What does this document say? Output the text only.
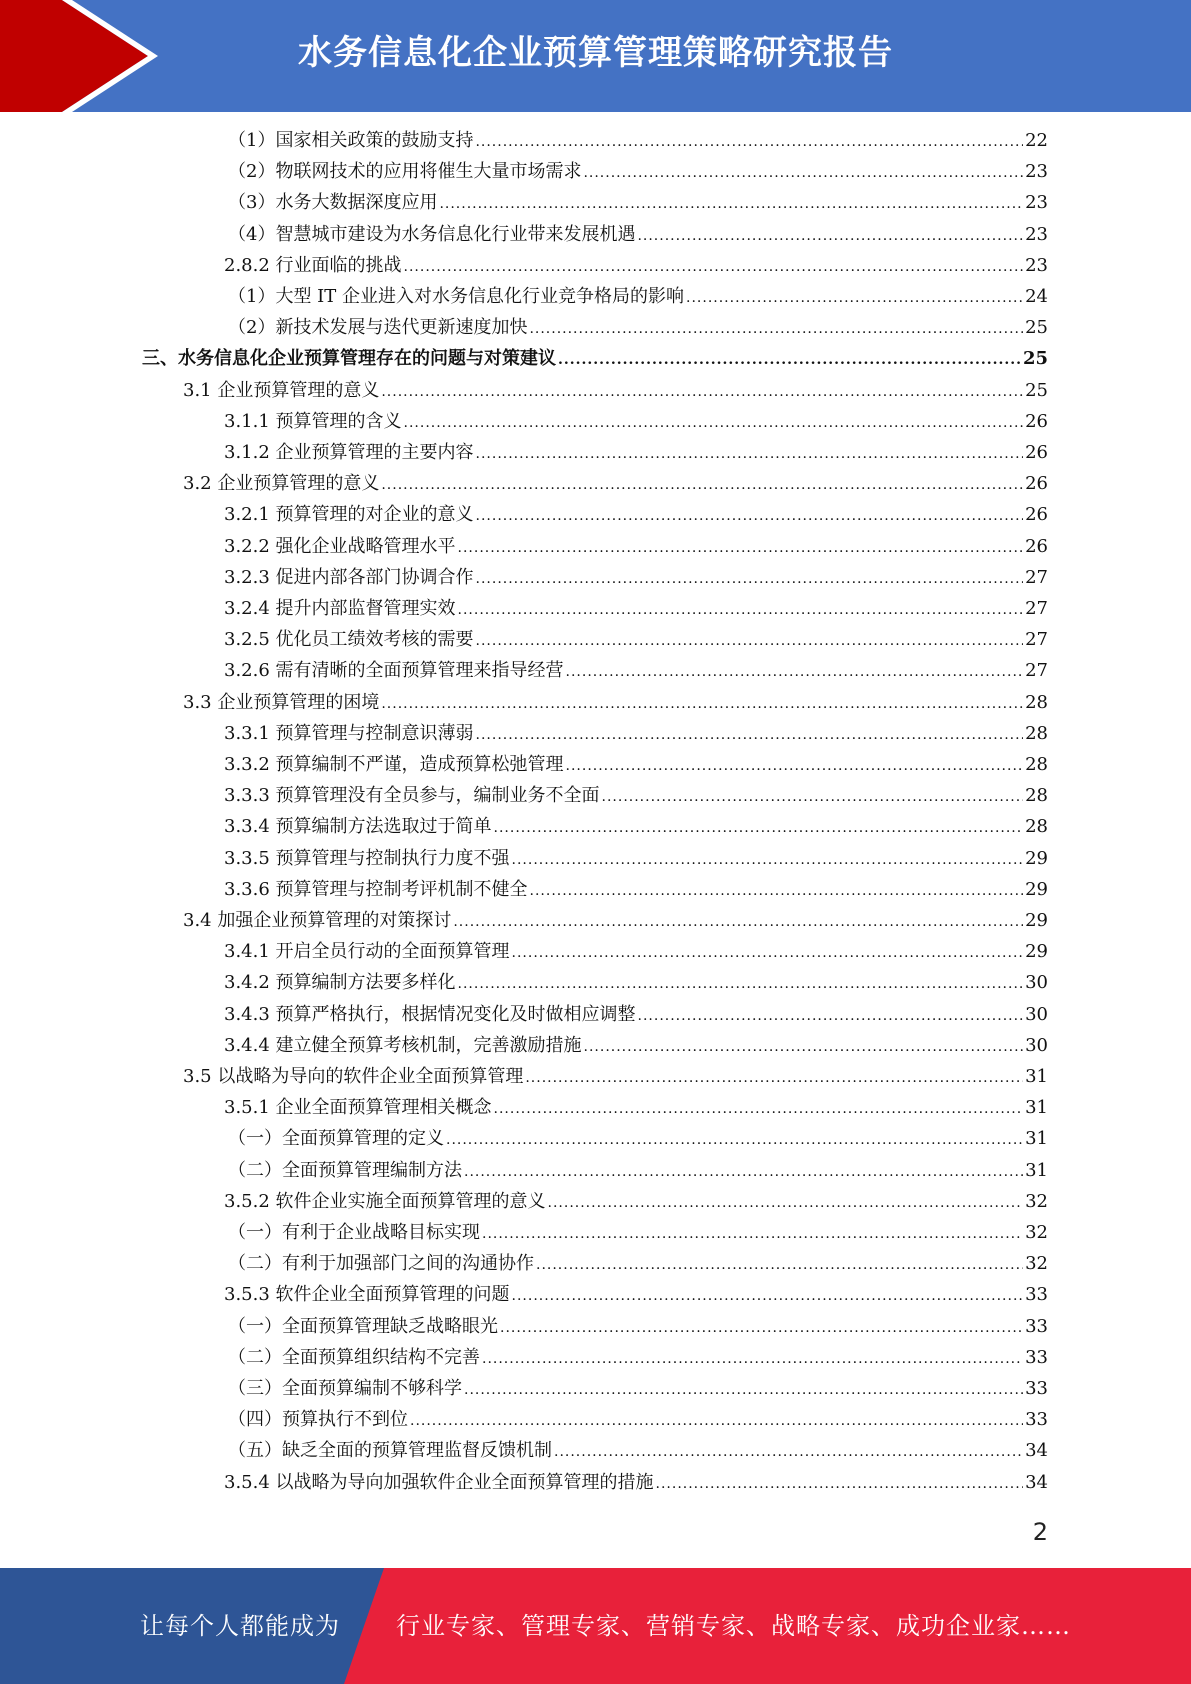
水务信息化企业预算管理策略研究报告
（1）国家相关政策的鼓励支持 .....	22
（2）物联网技术的应用将催生大量市场需求 .....	23
（3）水务大数据深度应用 .....	23
（4）智慧城市建设为水务信息化行业带来发展机遇 .....	23
2.8.2 行业面临的挑战 .....	23
（1）大型 IT 企业进入对水务信息化行业竞争格局的影响 .....	24
（2）新技术发展与迭代更新速度加快 .....	25
三、水务信息化企业预算管理存在的问题与对策建议 .....	25
3.1 企业预算管理的意义 .....	25
3.1.1 预算管理的含义 .....	26
3.1.2 企业预算管理的主要内容 .....	26
3.2 企业预算管理的意义 .....	26
3.2.1 预算管理的对企业的意义 .....	26
3.2.2 强化企业战略管理水平 .....	26
3.2.3 促进内部各部门协调合作 .....	27
3.2.4 提升内部监督管理实效 .....	27
3.2.5 优化员工绩效考核的需要 .....	27
3.2.6 需有清晰的全面预算管理来指导经营 .....	27
3.3 企业预算管理的困境 .....	28
3.3.1 预算管理与控制意识薄弱 .....	28
3.3.2 预算编制不严谨，造成预算松弛管理 .....	28
3.3.3 预算管理没有全员参与，编制业务不全面 .....	28
3.3.4 预算编制方法选取过于简单 .....	28
3.3.5 预算管理与控制执行力度不强 .....	29
3.3.6 预算管理与控制考评机制不健全 .....	29
3.4 加强企业预算管理的对策探讨 .....	29
3.4.1 开启全员行动的全面预算管理 .....	29
3.4.2 预算编制方法要多样化 .....	30
3.4.3 预算严格执行，根据情况变化及时做相应调整 .....	30
3.4.4 建立健全预算考核机制，完善激励措施 .....	30
3.5 以战略为导向的软件企业全面预算管理 .....	31
3.5.1 企业全面预算管理相关概念 .....	31
（一）全面预算管理的定义 .....	31
（二）全面预算管理编制方法 .....	31
3.5.2 软件企业实施全面预算管理的意义 .....	32
（一）有利于企业战略目标实现 .....	32
（二）有利于加强部门之间的沟通协作 .....	32
3.5.3 软件企业全面预算管理的问题 .....	33
（一）全面预算管理缺乏战略眼光 .....	33
（二）全面预算组织结构不完善 .....	33
（三）全面预算编制不够科学 .....	33
（四）预算执行不到位 .....	33
（五）缺乏全面的预算管理监督反馈机制 .....	34
3.5.4 以战略为导向加强软件企业全面预算管理的措施 .....	34
2
让每个人都能成为 行业专家、管理专家、营销专家、战略专家、成功企业家……
